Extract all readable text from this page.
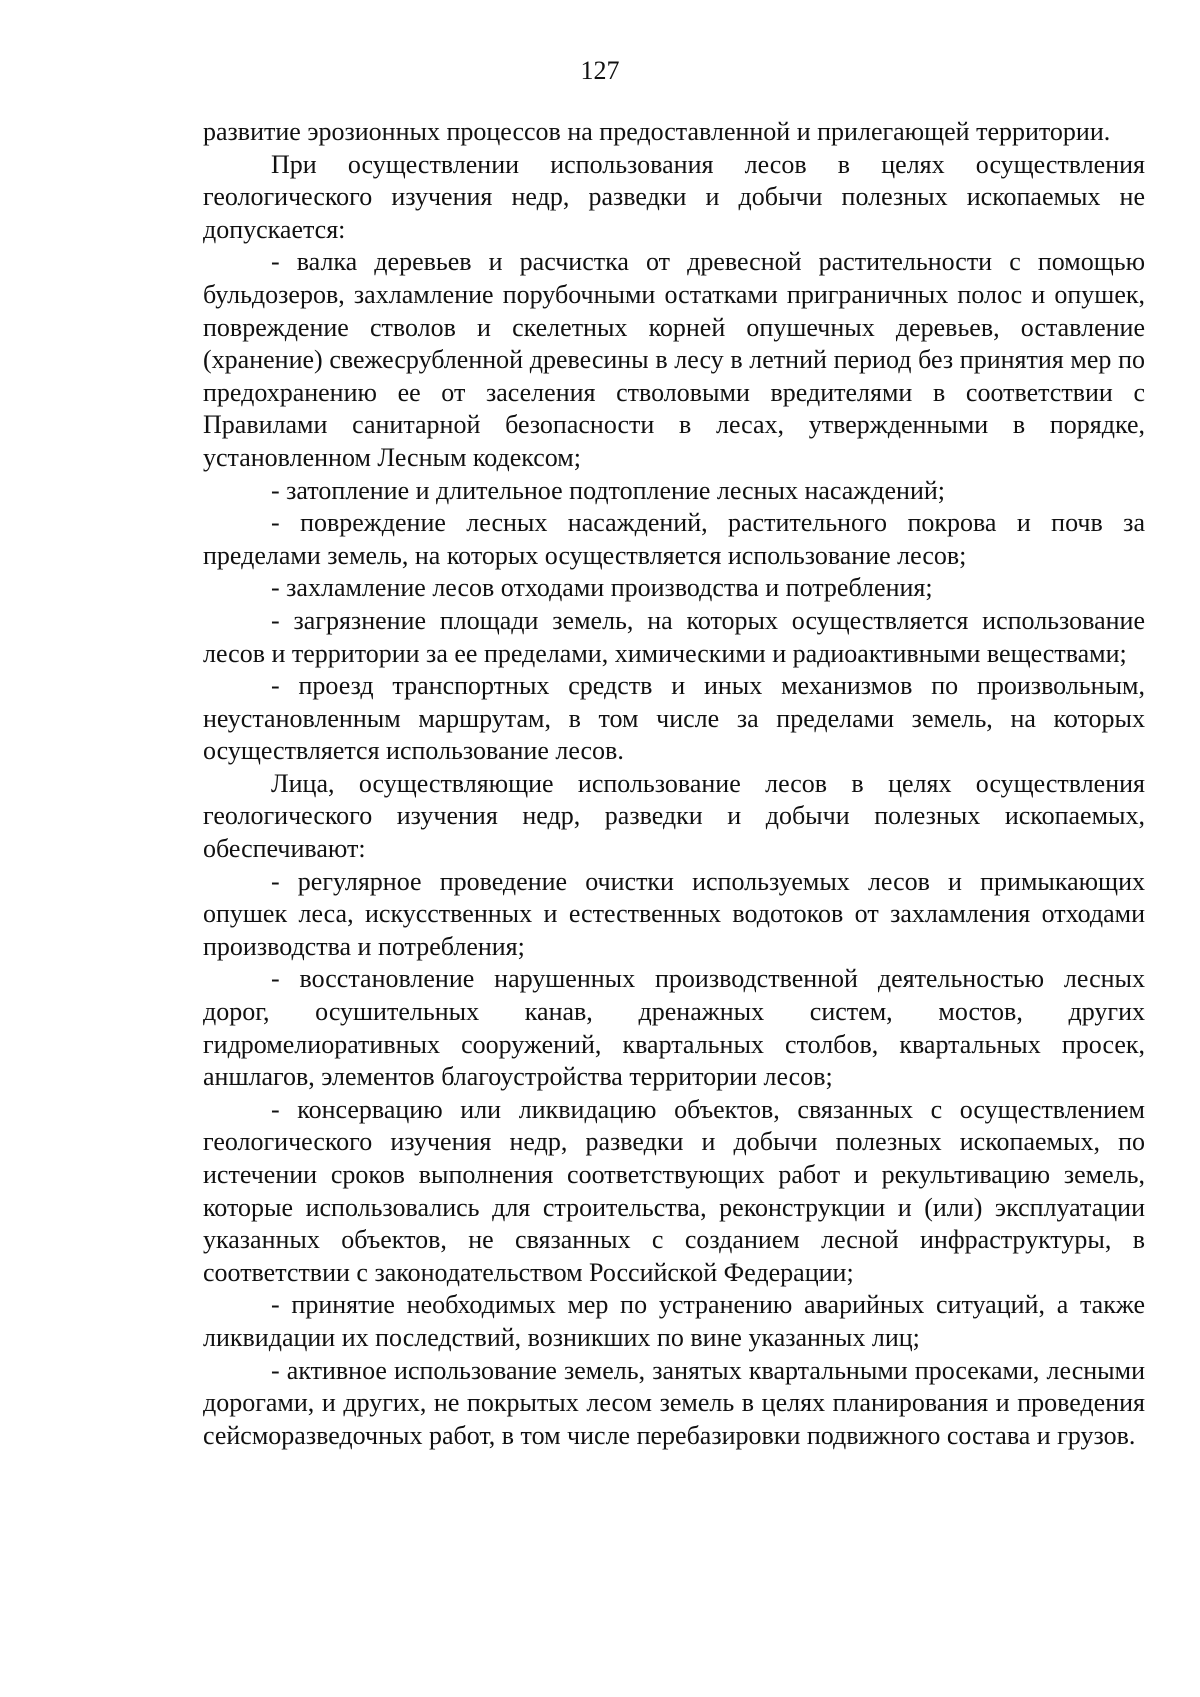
127

развитие эрозионных процессов на предоставленной и прилегающей территории.

При осуществлении использования лесов в целях осуществления геологического изучения недр, разведки и добычи полезных ископаемых не допускается:

- валка деревьев и расчистка от древесной растительности с помощью бульдозеров, захламление порубочными остатками приграничных полос и опушек, повреждение стволов и скелетных корней опушечных деревьев, оставление (хранение) свежесрубленной древесины в лесу в летний период без принятия мер по предохранению ее от заселения стволовыми вредителями в соответствии с Правилами санитарной безопасности в лесах, утвержденными в порядке, установленном Лесным кодексом;

- затопление и длительное подтопление лесных насаждений;

- повреждение лесных насаждений, растительного покрова и почв за пределами земель, на которых осуществляется использование лесов;

- захламление лесов отходами производства и потребления;

- загрязнение площади земель, на которых осуществляется использование лесов и территории за ее пределами, химическими и радиоактивными веществами;

- проезд транспортных средств и иных механизмов по произвольным, неустановленным маршрутам, в том числе за пределами земель, на которых осуществляется использование лесов.

Лица, осуществляющие использование лесов в целях осуществления геологического изучения недр, разведки и добычи полезных ископаемых, обеспечивают:

- регулярное проведение очистки используемых лесов и примыкающих опушек леса, искусственных и естественных водотоков от захламления отходами производства и потребления;

- восстановление нарушенных производственной деятельностью лесных дорог, осушительных канав, дренажных систем, мостов, других гидромелиоративных сооружений, квартальных столбов, квартальных просек, аншлагов, элементов благоустройства территории лесов;

- консервацию или ликвидацию объектов, связанных с осуществлением геологического изучения недр, разведки и добычи полезных ископаемых, по истечении сроков выполнения соответствующих работ и рекультивацию земель, которые использовались для строительства, реконструкции и (или) эксплуатации указанных объектов, не связанных с созданием лесной инфраструктуры, в соответствии с законодательством Российской Федерации;

- принятие необходимых мер по устранению аварийных ситуаций, а также ликвидации их последствий, возникших по вине указанных лиц;

- активное использование земель, занятых квартальными просеками, лесными дорогами, и других, не покрытых лесом земель в целях планирования и проведения сейсморазведочных работ, в том числе перебазировки подвижного состава и грузов.
